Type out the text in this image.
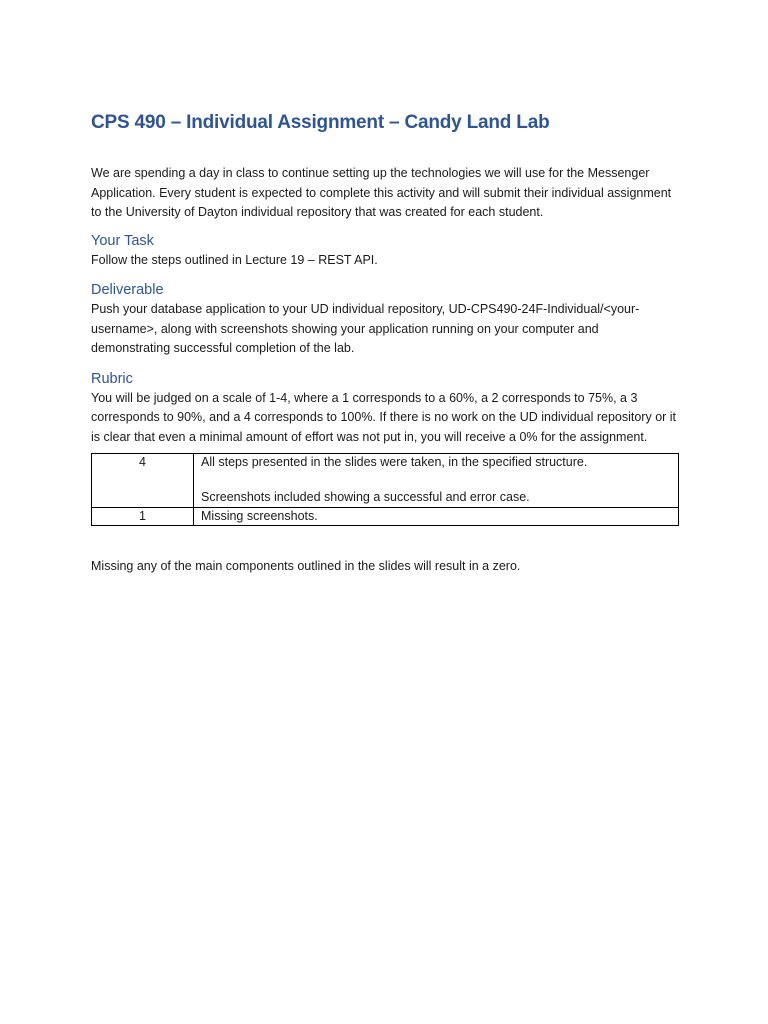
CPS 490 – Individual Assignment – Candy Land Lab

We are spending a day in class to continue setting up the technologies we will use for the Messenger Application. Every student is expected to complete this activity and will submit their individual assignment to the University of Dayton individual repository that was created for each student.

Your Task

Follow the steps outlined in Lecture 19 – REST API.

Deliverable

Push your database application to your UD individual repository, UD-CPS490-24F-Individual/<your-username>, along with screenshots showing your application running on your computer and demonstrating successful completion of the lab.

Rubric

You will be judged on a scale of 1-4, where a 1 corresponds to a 60%, a 2 corresponds to 75%, a 3 corresponds to 90%, and a 4 corresponds to 100%. If there is no work on the UD individual repository or it is clear that even a minimal amount of effort was not put in, you will receive a 0% for the assignment.

4	All steps presented in the slides were taken, in the specified structure.
Screenshots included showing a successful and error case.

1	Missing screenshots.

Missing any of the main components outlined in the slides will result in a zero.
